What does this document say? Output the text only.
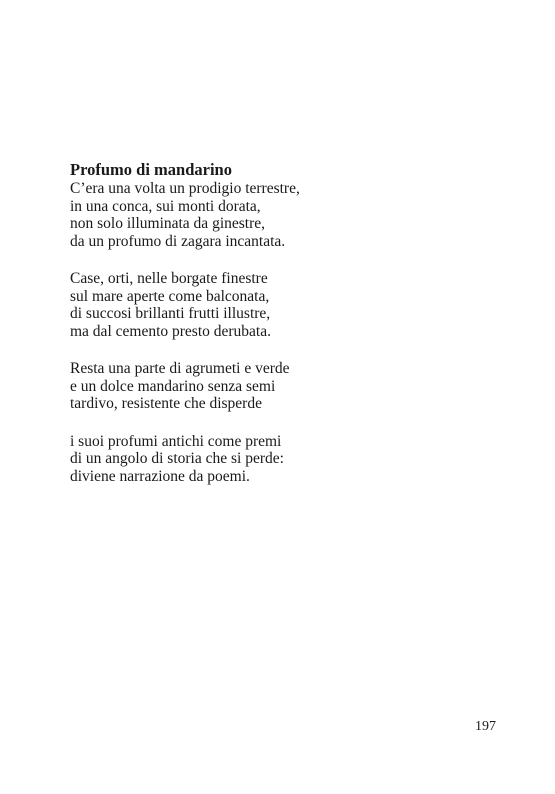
Profumo di mandarino
C’era una volta un prodigio terrestre,
in una conca, sui monti dorata,
non solo illuminata da ginestre,
da un profumo di zagara incantata.
Case, orti, nelle borgate finestre
sul mare aperte come balconata,
di succosi brillanti frutti illustre,
ma dal cemento presto derubata.
Resta una parte di agrumeti e verde
e un dolce mandarino senza semi
tardivo, resistente che disperde
i suoi profumi antichi come premi
di un angolo di storia che si perde:
diviene narrazione da poemi.
197
